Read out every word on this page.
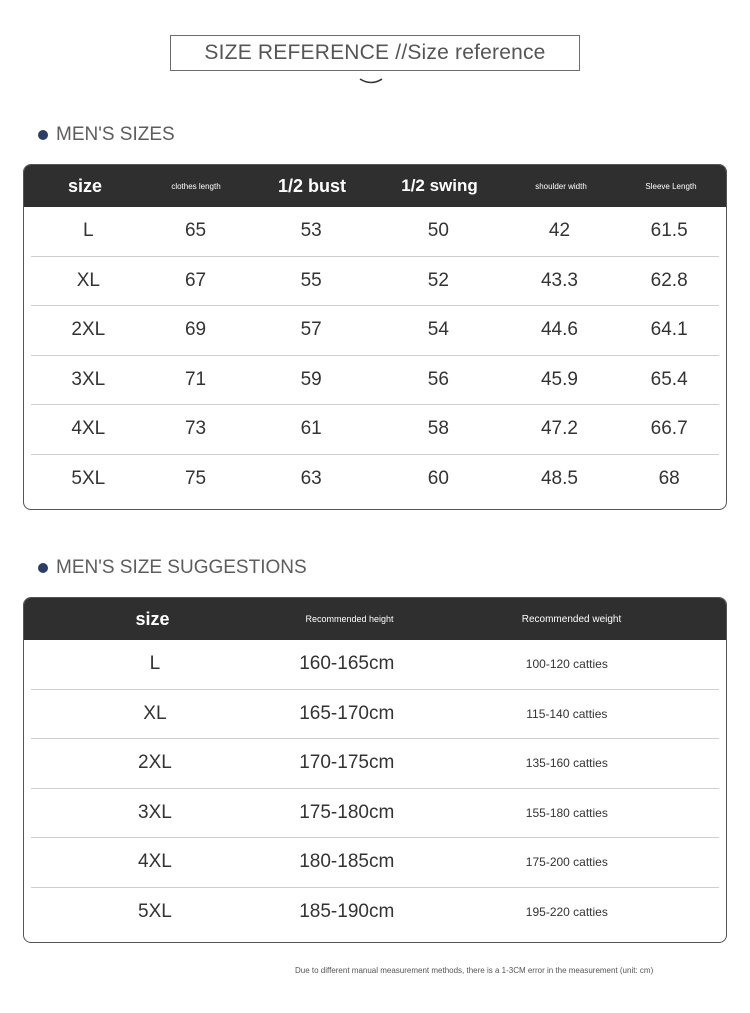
SIZE REFERENCE //Size reference
MEN'S SIZES
size	clothes length	1/2 bust	1/2 swing	shoulder width	Sleeve Length
L	65	53	50	42	61.5
XL	67	55	52	43.3	62.8
2XL	69	57	54	44.6	64.1
3XL	71	59	56	45.9	65.4
4XL	73	61	58	47.2	66.7
5XL	75	63	60	48.5	68
MEN'S SIZE SUGGESTIONS
size	Recommended height	Recommended weight
L	160-165cm	100-120 catties
XL	165-170cm	115-140 catties
2XL	170-175cm	135-160 catties
3XL	175-180cm	155-180 catties
4XL	180-185cm	175-200 catties
5XL	185-190cm	195-220 catties
Due to different manual measurement methods, there is a 1-3CM error in the measurement (unit: cm)
